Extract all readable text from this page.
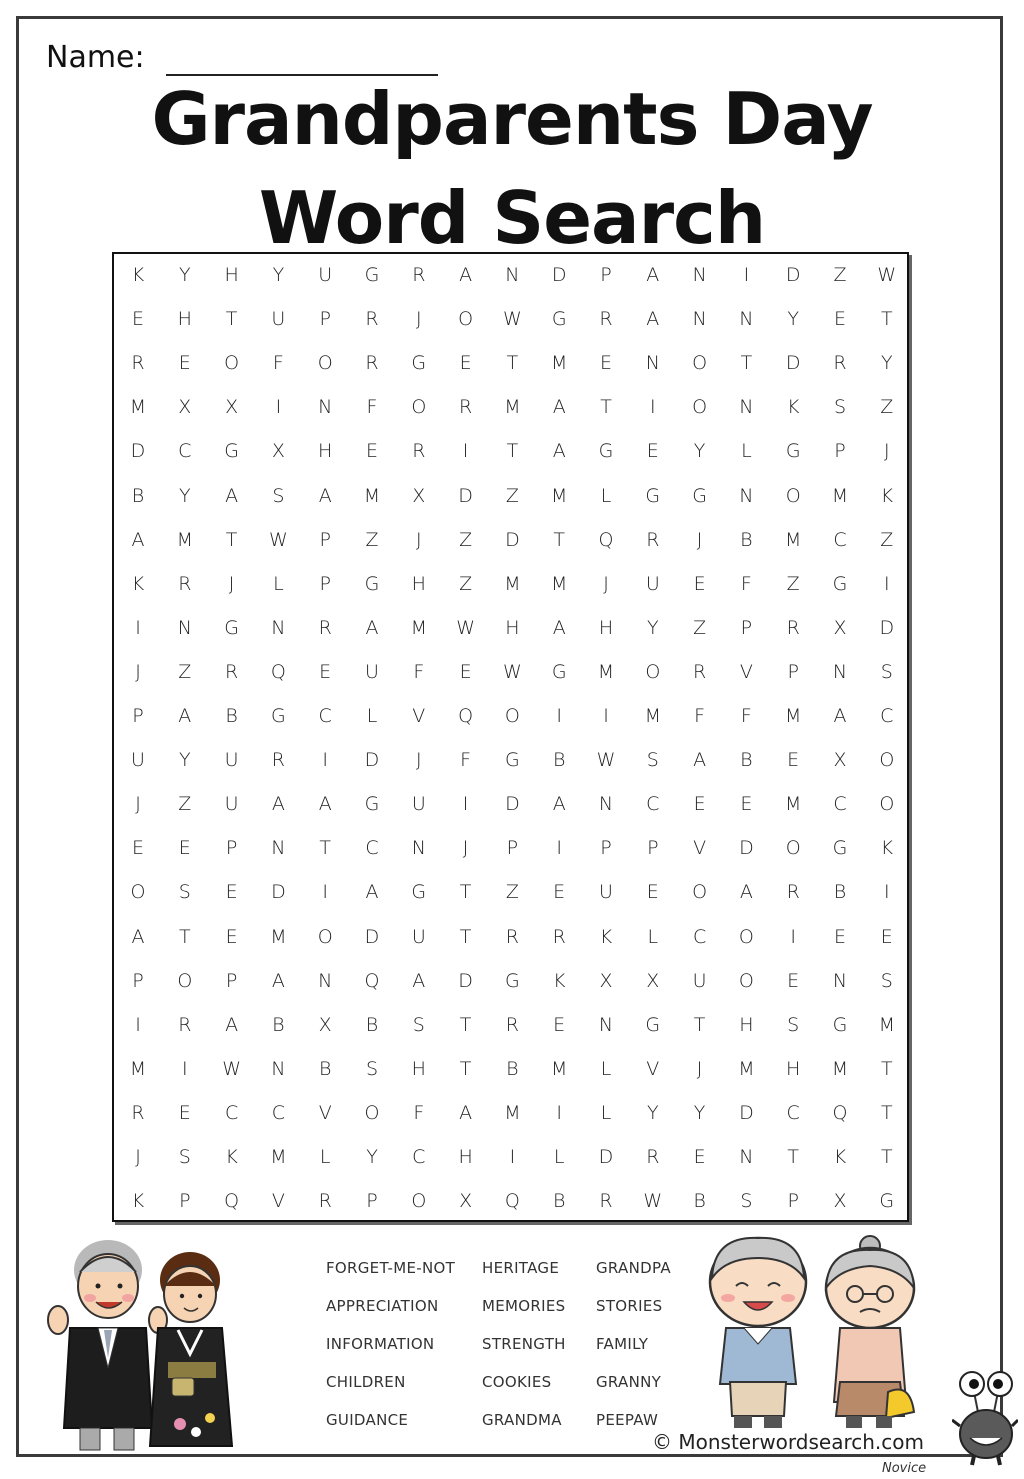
Name:
Grandparents Day
Word Search
K	Y	H	Y	U	G	R	A	N	D	P	A	N	I	D	Z	W
E	H	T	U	P	R	J	O	W	G	R	A	N	N	Y	E	T
R	E	O	F	O	R	G	E	T	M	E	N	O	T	D	R	Y
M	X	X	I	N	F	O	R	M	A	T	I	O	N	K	S	Z
D	C	G	X	H	E	R	I	T	A	G	E	Y	L	G	P	J
B	Y	A	S	A	M	X	D	Z	M	L	G	G	N	O	M	K
A	M	T	W	P	Z	J	Z	D	T	Q	R	J	B	M	C	Z
K	R	J	L	P	G	H	Z	M	M	J	U	E	F	Z	G	I
I	N	G	N	R	A	M	W	H	A	H	Y	Z	P	R	X	D
J	Z	R	Q	E	U	F	E	W	G	M	O	R	V	P	N	S
P	A	B	G	C	L	V	Q	O	I	I	M	F	F	M	A	C
U	Y	U	R	I	D	J	F	G	B	W	S	A	B	E	X	O
J	Z	U	A	A	G	U	I	D	A	N	C	E	E	M	C	O
E	E	P	N	T	C	N	J	P	I	P	P	V	D	O	G	K
O	S	E	D	I	A	G	T	Z	E	U	E	O	A	R	B	I
A	T	E	M	O	D	U	T	R	R	K	L	C	O	I	E	E
P	O	P	A	N	Q	A	D	G	K	X	X	U	O	E	N	S
I	R	A	B	X	B	S	T	R	E	N	G	T	H	S	G	M
M	I	W	N	B	S	H	T	B	M	L	V	J	M	H	M	T
R	E	C	C	V	O	F	A	M	I	L	Y	Y	D	C	Q	T
J	S	K	M	L	Y	C	H	I	L	D	R	E	N	T	K	T
K	P	Q	V	R	P	O	X	Q	B	R	W	B	S	P	X	G
FORGET-ME-NOT
APPRECIATION
INFORMATION
CHILDREN
GUIDANCE
HERITAGE
MEMORIES
STRENGTH
COOKIES
GRANDMA
GRANDPA
STORIES
FAMILY
GRANNY
PEEPAW
© Monsterwordsearch.com
Novice
